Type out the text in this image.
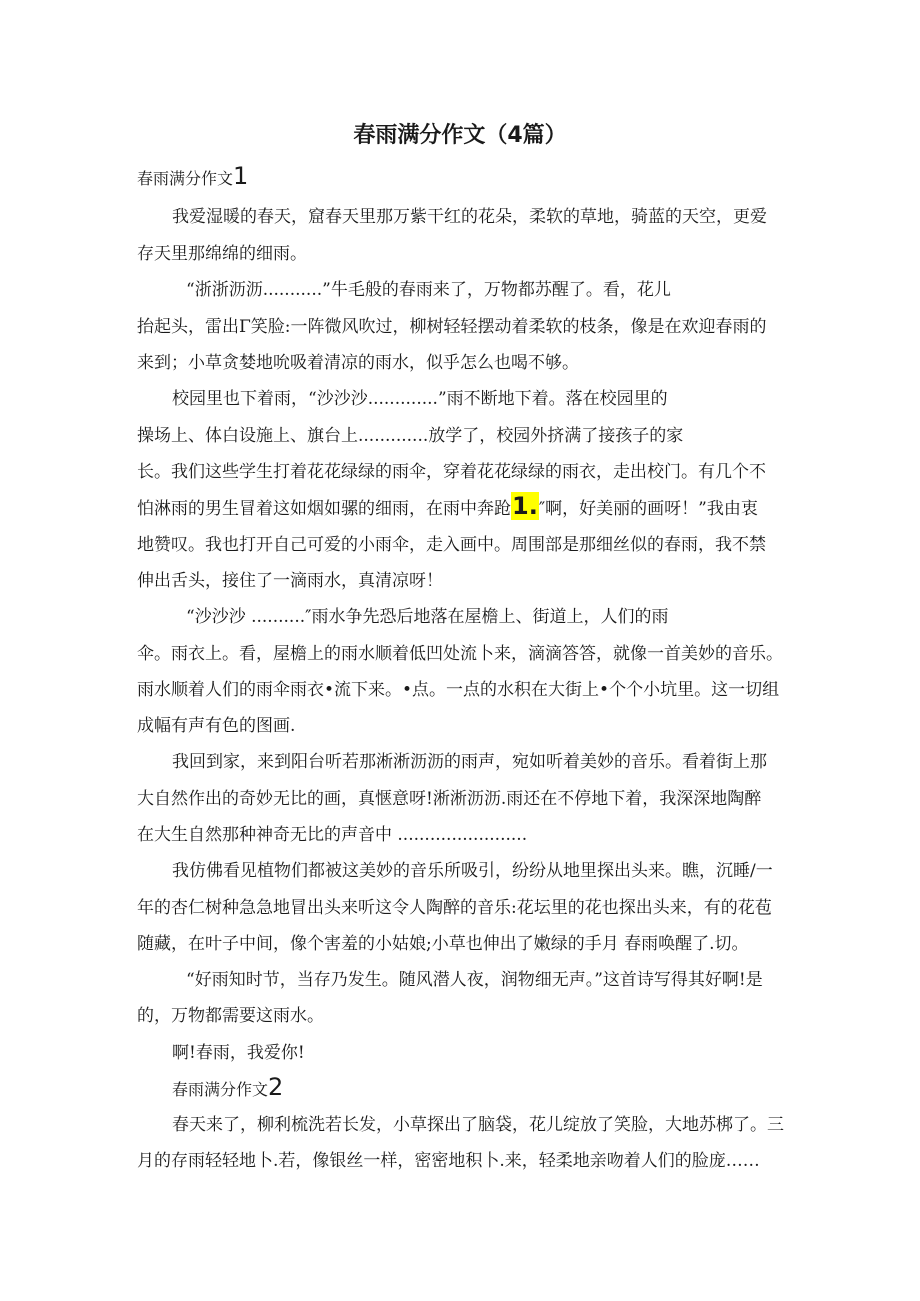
春雨满分作文（4篇）
春雨满分作文1
我爱湿暖的春天，窟春天里那万紫干红的花朵，柔软的草地，骑蓝的天空，更爱
存天里那绵绵的细雨。
“浙浙沥沥...........”牛毛般的春雨来了，万物都苏醒了。看，花儿
抬起头，雷出Γ笑脸:一阵微风吹过，柳树轻轻摆动着柔软的枝条，像是在欢迎春雨的
来到；小草贪婪地吮吸着清凉的雨水，似乎怎么也喝不够。
校园里也下着雨，“沙沙沙.............”雨不断地下着。落在校园里的
操场上、体白设施上、旗台上.............放学了，校园外挤满了接孩子的家
长。我们这些学生打着花花绿绿的雨伞，穿着花花绿绿的雨衣，走出校门。有几个不
怕淋雨的男生冒着这如烟如骡的细雨，在雨中奔跄1.″啊，好美丽的画呀！”我由衷
地赞叹。我也打开自己可爱的小雨伞，走入画中。周围部是那细丝似的春雨，我不禁
伸出舌头，接住了一滴雨水，真清凉呀！
“沙沙沙 ..........″雨水争先恐后地落在屋檐上、街道上，人们的雨
伞。雨衣上。看，屋檐上的雨水顺着低凹处流卜来，滴滴答答，就像一首美妙的音乐。
雨水顺着人们的雨伞雨衣•流下来。•点。一点的水积在大街上•个个小坑里。这一切组
成幅有声有色的图画.
我回到家，来到阳台听若那淅淅沥沥的雨声，宛如听着美妙的音乐。看着街上那
大自然作出的奇妙无比的画，真惬意呀!淅淅沥沥.雨还在不停地下着，我深深地陶醉
在大生自然那种神奇无比的声音中 ........................
我仿佛看见植物们都被这美妙的音乐所吸引，纷纷从地里探出头来。瞧，沉睡/一
年的杏仁树种急急地冒出头来听这令人陶醉的音乐:花坛里的花也探出头来，有的花苞
随藏，在叶子中间，像个害羞的小姑娘;小草也伸出了嫩绿的手月 春雨唤醒了.切。
“好雨知时节，当存乃发生。随风潜人夜，润物细无声。”这首诗写得其好啊!是
的，万物都需要这雨水。
啊!春雨，我爱你!
春雨满分作文2
春天来了，柳利梳洗若长发，小草探出了脑袋，花儿绽放了笑脸，大地苏梆了。三
月的存雨轻轻地卜.若，像银丝一样，密密地积卜.来，轻柔地亲吻着人们的脸庞……
